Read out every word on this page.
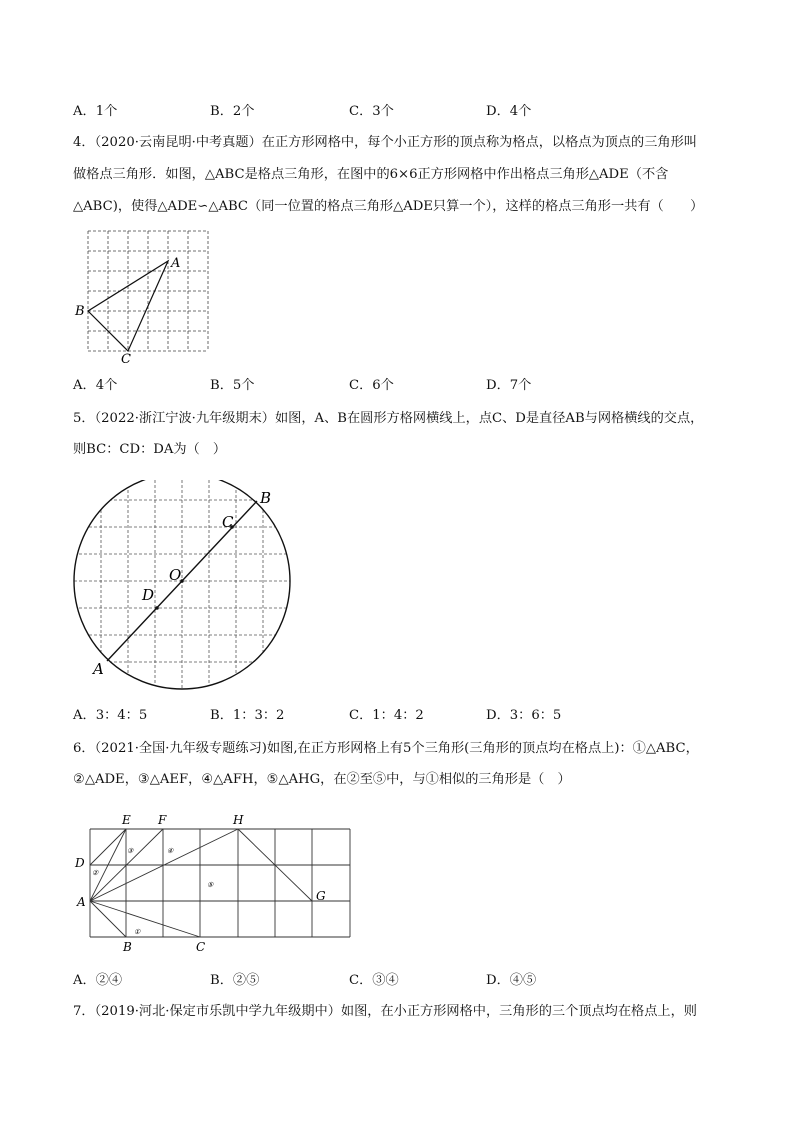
A．1个	B．2个	C．3个	D．4个
4．（2020·云南昆明·中考真题）在正方形网格中，每个小正方形的顶点称为格点，以格点为顶点的三角形叫
做格点三角形．如图，△ABC是格点三角形，在图中的6×6正方形网格中作出格点三角形△ADE（不含
△ABC)，使得△ADE∽△ABC（同一位置的格点三角形△ADE只算一个），这样的格点三角形一共有（　　）
A
B
C
A．4个	B．5个	C．6个	D．7个
5．（2022·浙江宁波·九年级期末）如图，A、B在圆形方格网横线上，点C、D是直径AB与网格横线的交点，
则BC：CD：DA为（　）
B
C
O
D
A
A．3：4：5	B．1：3：2	C．1：4：2	D．3：6：5
6．（2021·全国·九年级专题练习)如图,在正方形网格上有5个三角形(三角形的顶点均在格点上)：①△ABC，
②△ADE，③△AEF，④△AFH，⑤△AHG，在②至⑤中，与①相似的三角形是（　）
A
B	C
D
E F	H
G
②
③	④
⑤
①
A．②④	B．②⑤	C．③④	D．④⑤
7．（2019·河北·保定市乐凯中学九年级期中）如图，在小正方形网格中，三角形的三个顶点均在格点上，则
